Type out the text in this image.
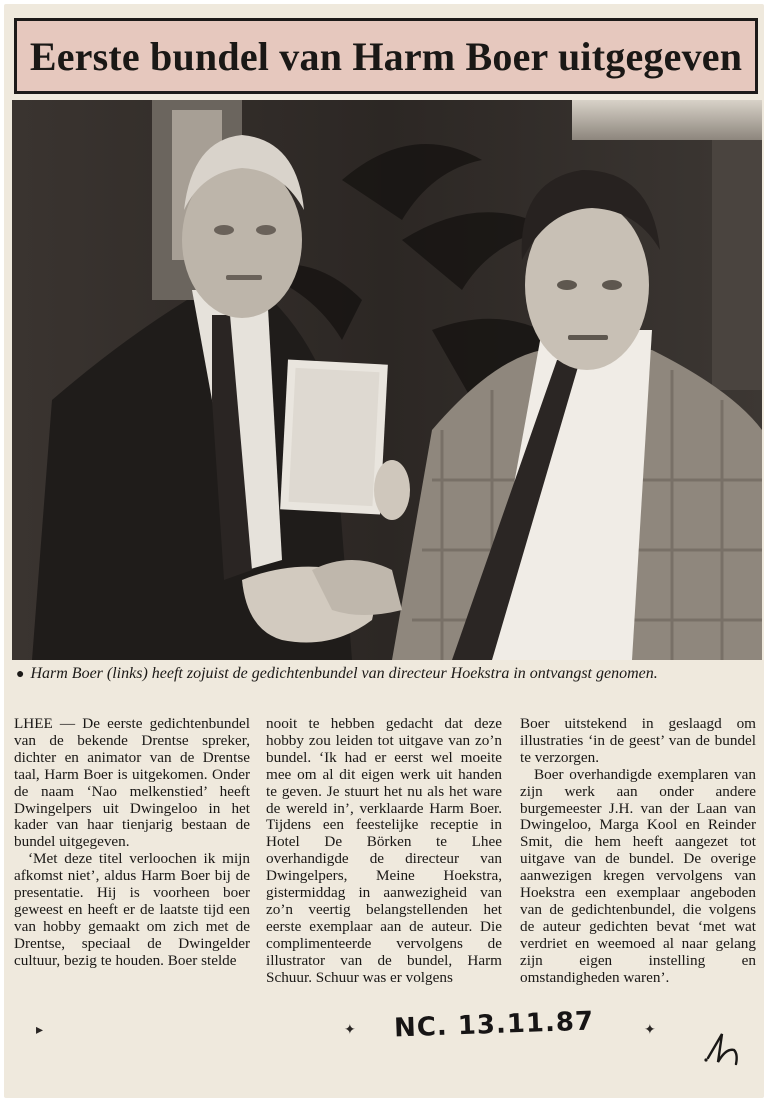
Eerste bundel van Harm Boer uitgegeven
● Harm Boer (links) heeft zojuist de gedichtenbundel van directeur Hoekstra in ontvangst genomen.

LHEE — De eerste gedichtenbundel van de bekende Drentse spreker, dichter en animator van de Drentse taal, Harm Boer is uitgekomen. Onder de naam ‘Nao melkenstied’ heeft Dwingelpers uit Dwingeloo in het kader van haar tienjarig bestaan de bundel uitgegeven.

‘Met deze titel verloochen ik mijn afkomst niet’, aldus Harm Boer bij de presentatie. Hij is voorheen boer geweest en heeft er de laatste tijd een van hobby gemaakt om zich met de Drentse, speciaal de Dwingelder cultuur, bezig te houden. Boer stelde

nooit te hebben gedacht dat deze hobby zou leiden tot uitgave van zo’n bundel. ‘Ik had er eerst wel moeite mee om al dit eigen werk uit handen te geven. Je stuurt het nu als het ware de wereld in’, verklaarde Harm Boer. Tijdens een feestelijke receptie in Hotel De Börken te Lhee overhandigde de directeur van Dwingelpers, Meine Hoekstra, gistermiddag in aanwezigheid van zo’n veertig belangstellenden het eerste exemplaar aan de auteur. Die complimenteerde vervolgens de illustrator van de bundel, Harm Schuur. Schuur was er volgens

Boer uitstekend in geslaagd om illustraties ‘in de geest’ van de bundel te verzorgen.

Boer overhandigde exemplaren van zijn werk aan onder andere burgemeester J.H. van der Laan van Dwingeloo, Marga Kool en Reinder Smit, die hem heeft aangezet tot uitgave van de bundel. De overige aanwezigen kregen vervolgens van Hoekstra een exemplaar angeboden van de gedichtenbundel, die volgens de auteur gedichten bevat ‘met wat verdriet en weemoed al naar gelang zijn eigen instelling en omstandigheden waren’.

▸	✦	✦
NC. 13.11.87
